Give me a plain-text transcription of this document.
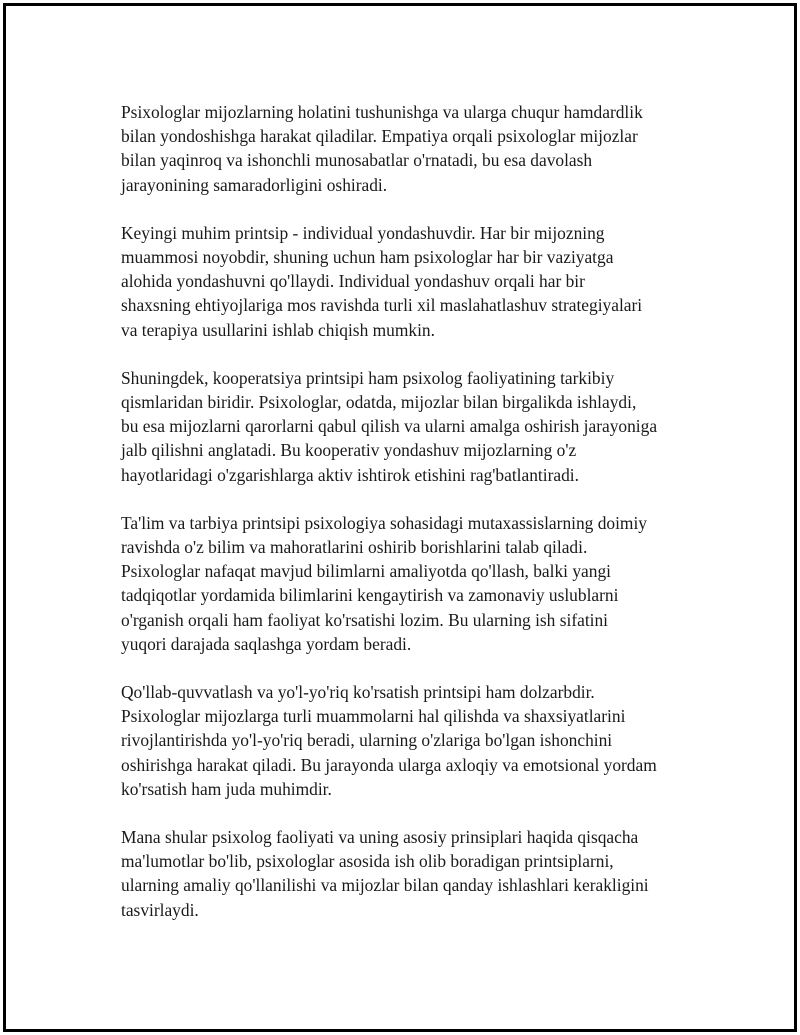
Psixologlar mijozlarning holatini tushunishga va ularga chuqur hamdardlik
bilan yondoshishga harakat qiladilar. Empatiya orqali psixologlar mijozlar
bilan yaqinroq va ishonchli munosabatlar o'rnatadi, bu esa davolash
jarayonining samaradorligini oshiradi.

Keyingi muhim printsip - individual yondashuvdir. Har bir mijozning
muammosi noyobdir, shuning uchun ham psixologlar har bir vaziyatga
alohida yondashuvni qo'llaydi. Individual yondashuv orqali har bir
shaxsning ehtiyojlariga mos ravishda turli xil maslahatlashuv strategiyalari
va terapiya usullarini ishlab chiqish mumkin.

Shuningdek, kooperatsiya printsipi ham psixolog faoliyatining tarkibiy
qismlaridan biridir. Psixologlar, odatda, mijozlar bilan birgalikda ishlaydi,
bu esa mijozlarni qarorlarni qabul qilish va ularni amalga oshirish jarayoniga
jalb qilishni anglatadi. Bu kooperativ yondashuv mijozlarning o'z
hayotlaridagi o'zgarishlarga aktiv ishtirok etishini rag'batlantiradi.

Ta'lim va tarbiya printsipi psixologiya sohasidagi mutaxassislarning doimiy
ravishda o'z bilim va mahoratlarini oshirib borishlarini talab qiladi.
Psixologlar nafaqat mavjud bilimlarni amaliyotda qo'llash, balki yangi
tadqiqotlar yordamida bilimlarini kengaytirish va zamonaviy uslublarni
o'rganish orqali ham faoliyat ko'rsatishi lozim. Bu ularning ish sifatini
yuqori darajada saqlashga yordam beradi.

Qo'llab-quvvatlash va yo'l-yo'riq ko'rsatish printsipi ham dolzarbdir.
Psixologlar mijozlarga turli muammolarni hal qilishda va shaxsiyatlarini
rivojlantirishda yo'l-yo'riq beradi, ularning o'zlariga bo'lgan ishonchini
oshirishga harakat qiladi. Bu jarayonda ularga axloqiy va emotsional yordam
ko'rsatish ham juda muhimdir.

Mana shular psixolog faoliyati va uning asosiy prinsiplari haqida qisqacha
ma'lumotlar bo'lib, psixologlar asosida ish olib boradigan printsiplarni,
ularning amaliy qo'llanilishi va mijozlar bilan qanday ishlashlari kerakligini
tasvirlaydi.
